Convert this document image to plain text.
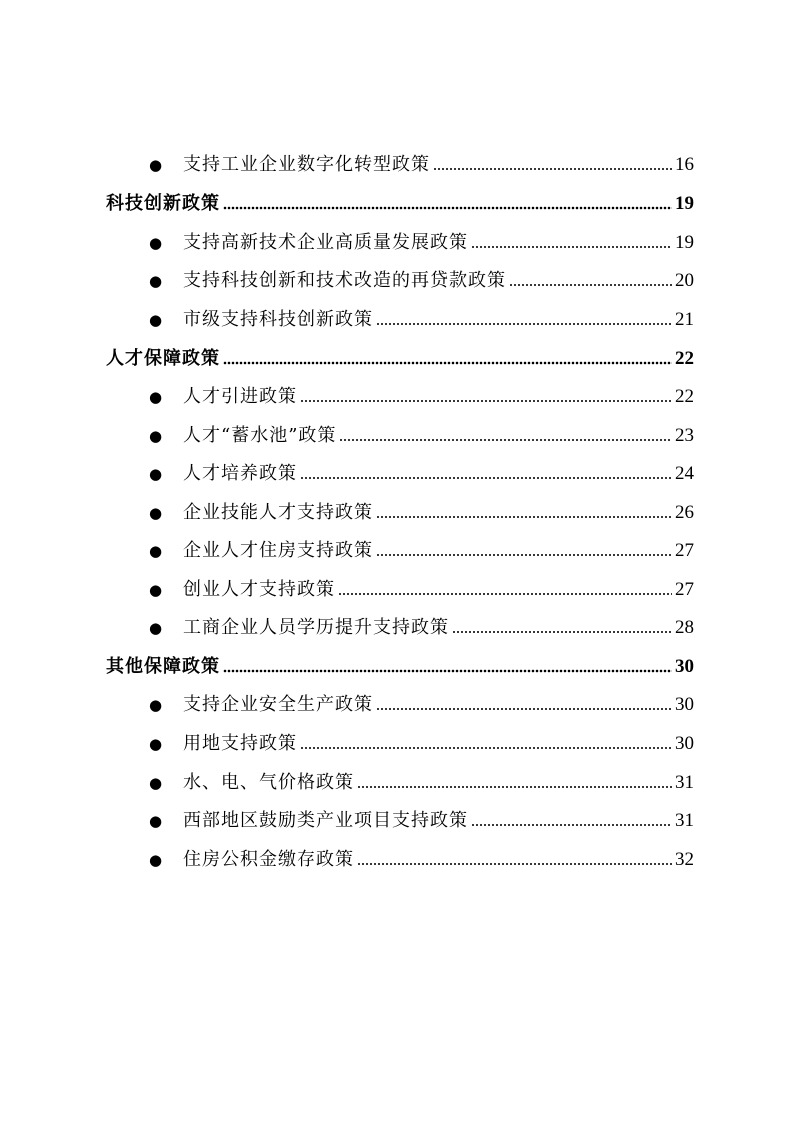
●	支持工业企业数字化转型政策	16
科技创新政策	19
●	支持高新技术企业高质量发展政策	19
●	支持科技创新和技术改造的再贷款政策	20
●	市级支持科技创新政策	21
人才保障政策	22
●	人才引进政策	22
●	人才“蓄水池”政策	23
●	人才培养政策	24
●	企业技能人才支持政策	26
●	企业人才住房支持政策	27
●	创业人才支持政策	27
●	工商企业人员学历提升支持政策	28
其他保障政策	30
●	支持企业安全生产政策	30
●	用地支持政策	30
●	水、电、气价格政策	31
●	西部地区鼓励类产业项目支持政策	31
●	住房公积金缴存政策	32
